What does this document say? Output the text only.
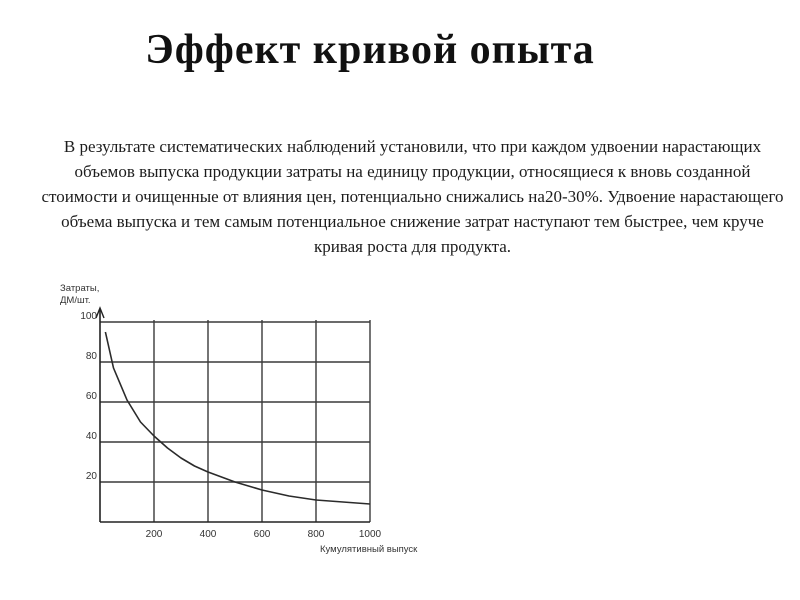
Эффект кривой опыта
В результате систематических наблюдений установили, что при каждом удвоении нарастающих объемов выпуска продукции затраты на единицу продукции, относящиеся к вновь созданной стоимости и очищенные от влияния цен, потенциально снижались на20-30%. Удвоение нарастающего объема выпуска и тем самым потенциальное снижение затрат наступают тем быстрее, чем круче кривая роста для продукта.
200	400	600	800	1000
20
40
60
80
100
Затраты,
ДМ/шт.
Кумулятивный выпуск
